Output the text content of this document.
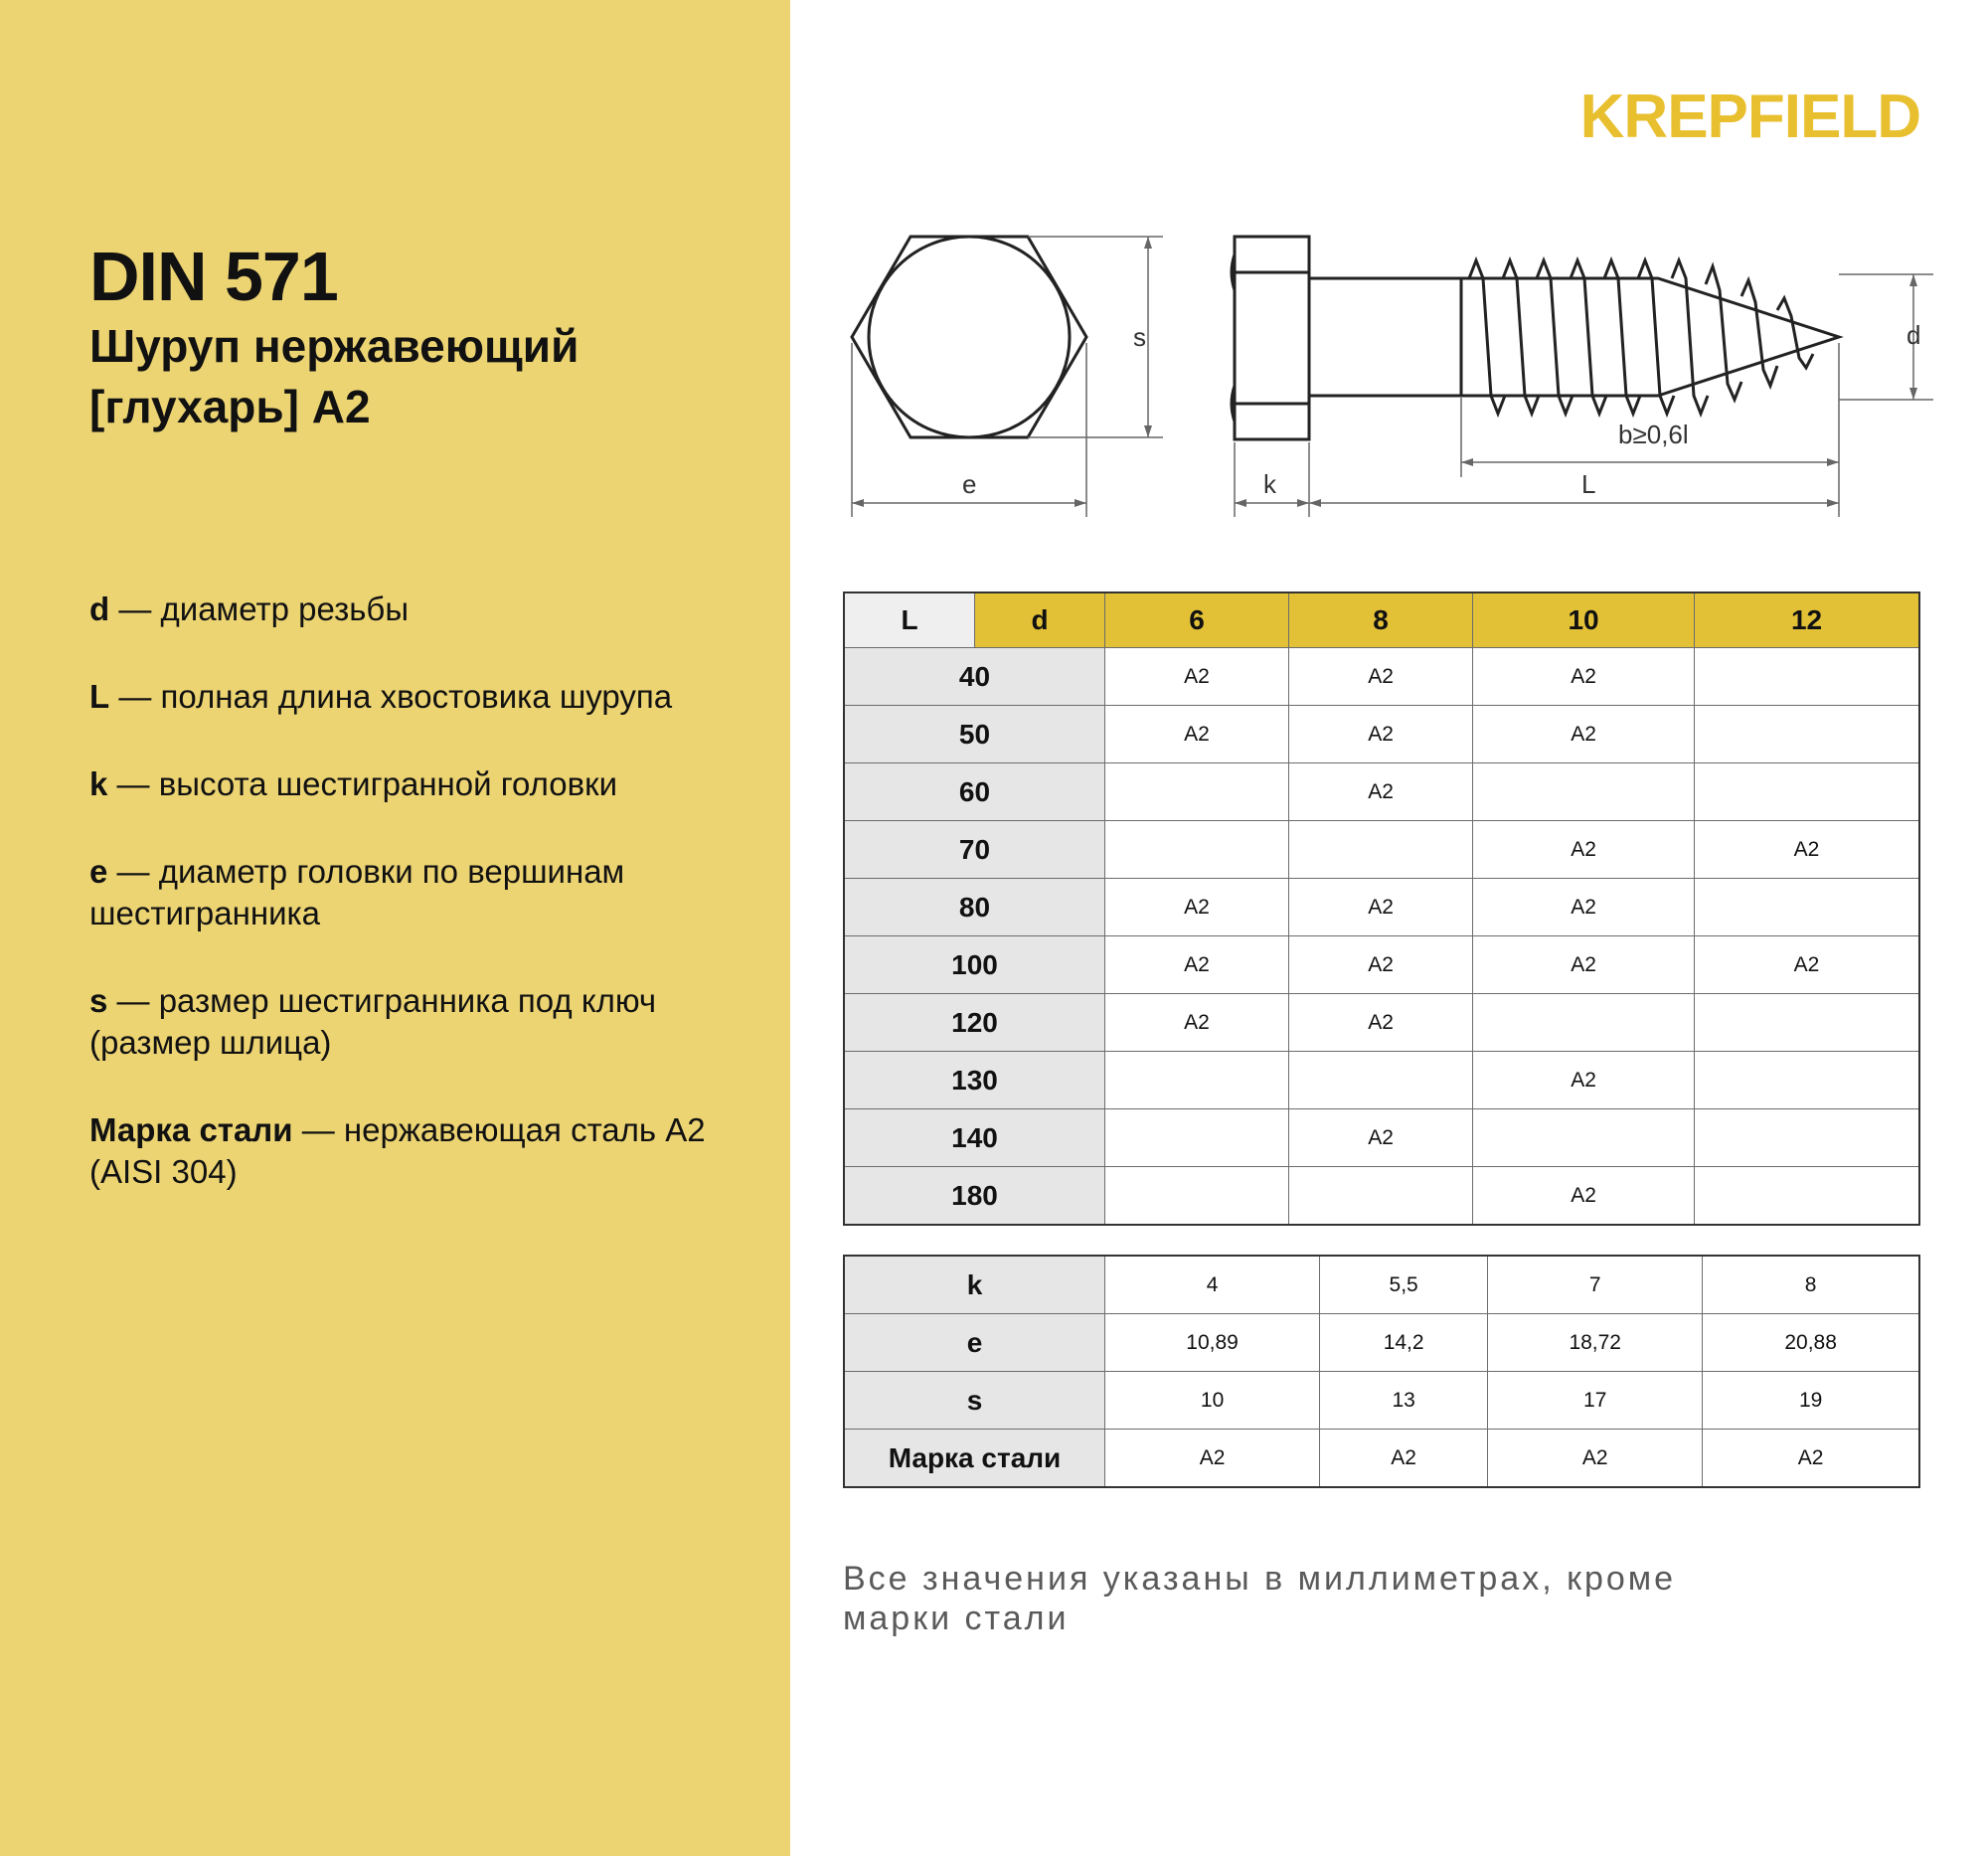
KREPFIELD
DIN 571
Шуруп нержавеющий [глухарь] A2

d — диаметр резьбы

L — полная длина хвостовика шурупа

k — высота шестигранной головки

e — диаметр головки по вершинам шестигранника

s — размер шестигранника под ключ (размер шлица)

Марка стали — нержавеющая сталь A2 (AISI 304)

s
e
d
b≥0,6l
k	L
L d	6	8	10	12
40	A2	A2	A2	
50	A2	A2	A2	
60		A2		
70			A2	A2
80	A2	A2	A2	
100	A2	A2	A2	A2
120	A2	A2		
130			A2	
140		A2		
180			A2	
k	4	5,5	7	8
e	10,89	14,2	18,72	20,88
s	10	13	17	19
Марка стали	A2	A2	A2	A2
Все значения указаны в миллиметрах, кроме марки стали
